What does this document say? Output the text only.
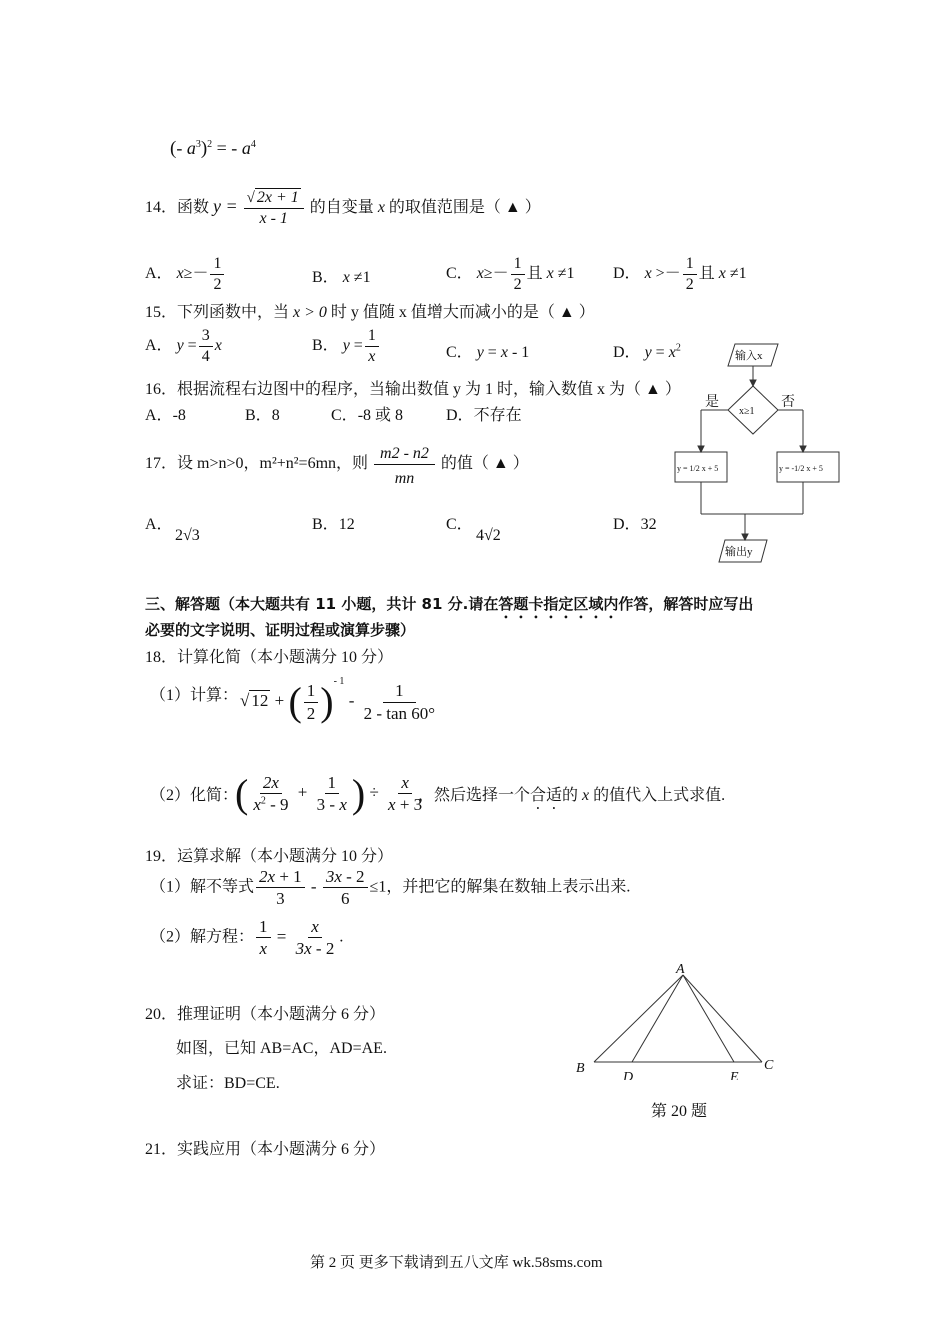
(- $a^3)^2$ = - $a^4$
14．函数 $y = \frac{√ 2x + 1}{x - 1}$ 的自变量 x 的取值范围是（ ▲ ）
A． $x\ge- \frac{1}{2}$	B． x ≠1	C． $x\ge- \frac{1}{2}$ 且 x ≠1 D． $x >- \frac{1}{2}$ 且 x ≠1
15．下列函数中，当 x > 0 时 y 值随 x 值增大而减小的是（ ▲ ）
A． $y = \frac{3}{4}$ x	B． $y = \frac{1}{x}$	C． y = x - 1	D． $y = x^2$
16．根据流程右边图中的程序，当输出数值 y 为 1 时，输入数值 x 为（ ▲ ）
A．-8	B．8	C．-8 或 8	D．不存在
17．设 m>n>0，m²+n²=6mn，则 $\frac{m2 - n2}{mn}$ 的值（ ▲ ）
A．
2√3
B．12	C．
4√2
D．32
输入x
x≥1
是	否
y = 1/2 x + 5	y = -1/2 x + 5
输出y
三、解答题（本大题共有 11 小题，共计 81 分.请在答题卡指定区域内作答，解答时应写出
必要的文字说明、证明过程或演算步骤）
18．计算化简（本小题满分 10 分）
（1）计算： √ 12 + ( $\frac{1}{2} )^{- 1} - \frac{1}{2 - \tan 60^\circ}$
（2）化简：
( $\frac{2x}{x^2 - 9} + \frac{1}{3 - x}$ ) ÷ $\frac{x}{x + 3}$
，然后选择一个合适的 x 的值代入上式求值.
19．运算求解（本小题满分 10 分）
（1）解不等式 $\frac{2x + 1}{3} - \frac{3x - 2}{6} \le 1$，并把它的解集在数轴上表示出来.
（2）解方程： $\frac{1}{x} = \frac{x}{3x - 2}$ .
20．推理证明（本小题满分 6 分）
如图，已知 AB=AC，AD=AE.
求证：BD=CE.
A
B	C
D	E
第 20 题
21．实践应用（本小题满分 6 分）
第 2 页 更多下载请到五八文库 wk.58sms.com
